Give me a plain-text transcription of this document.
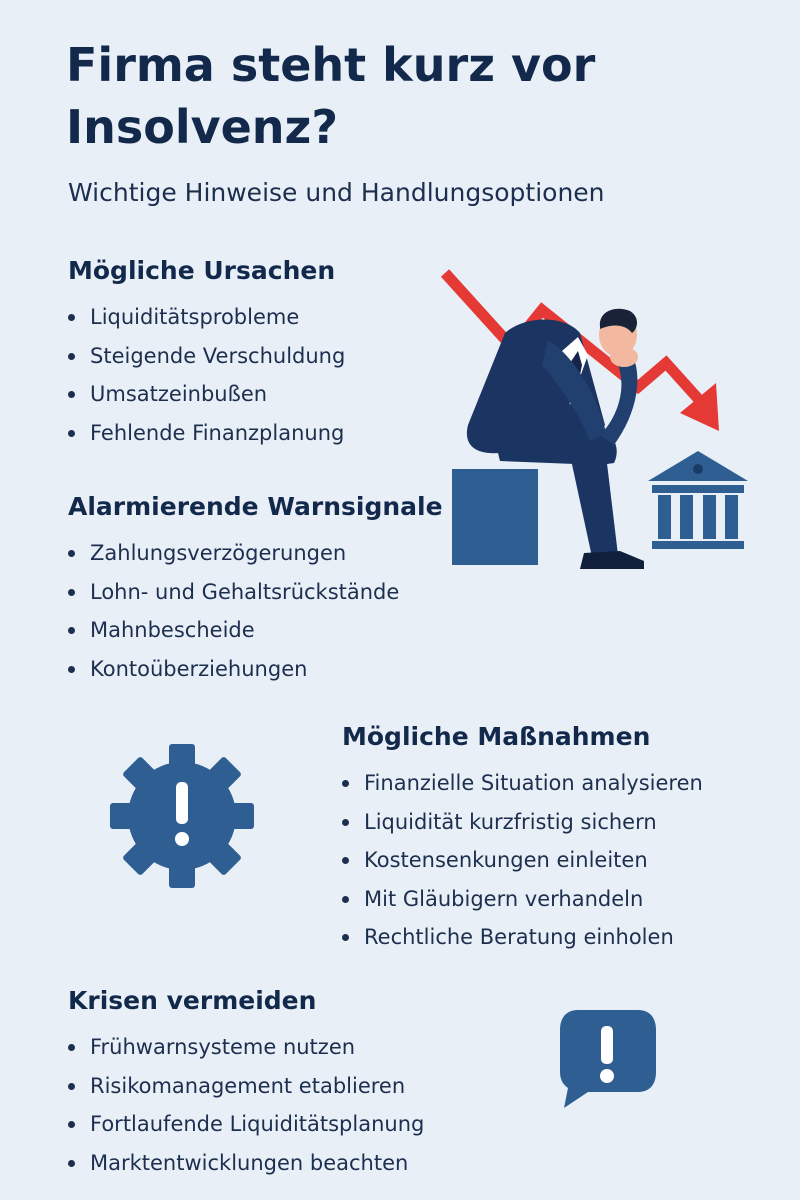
Firma steht kurz vor Insolvenz?

Wichtige Hinweise und Handlungsoptionen

Mögliche Ursachen
Liquiditätsprobleme
Steigende Verschuldung
Umsatzeinbußen
Fehlende Finanzplanung
Alarmierende Warnsignale
Zahlungsverzögerungen
Lohn- und Gehaltsrückstände
Mahnbescheide
Kontoüberziehungen
Mögliche Maßnahmen
Finanzielle Situation analysieren
Liquidität kurzfristig sichern
Kostensenkungen einleiten
Mit Gläubigern verhandeln
Rechtliche Beratung einholen
Krisen vermeiden
Frühwarnsysteme nutzen
Risikomanagement etablieren
Fortlaufende Liquiditätsplanung
Marktentwicklungen beachten
